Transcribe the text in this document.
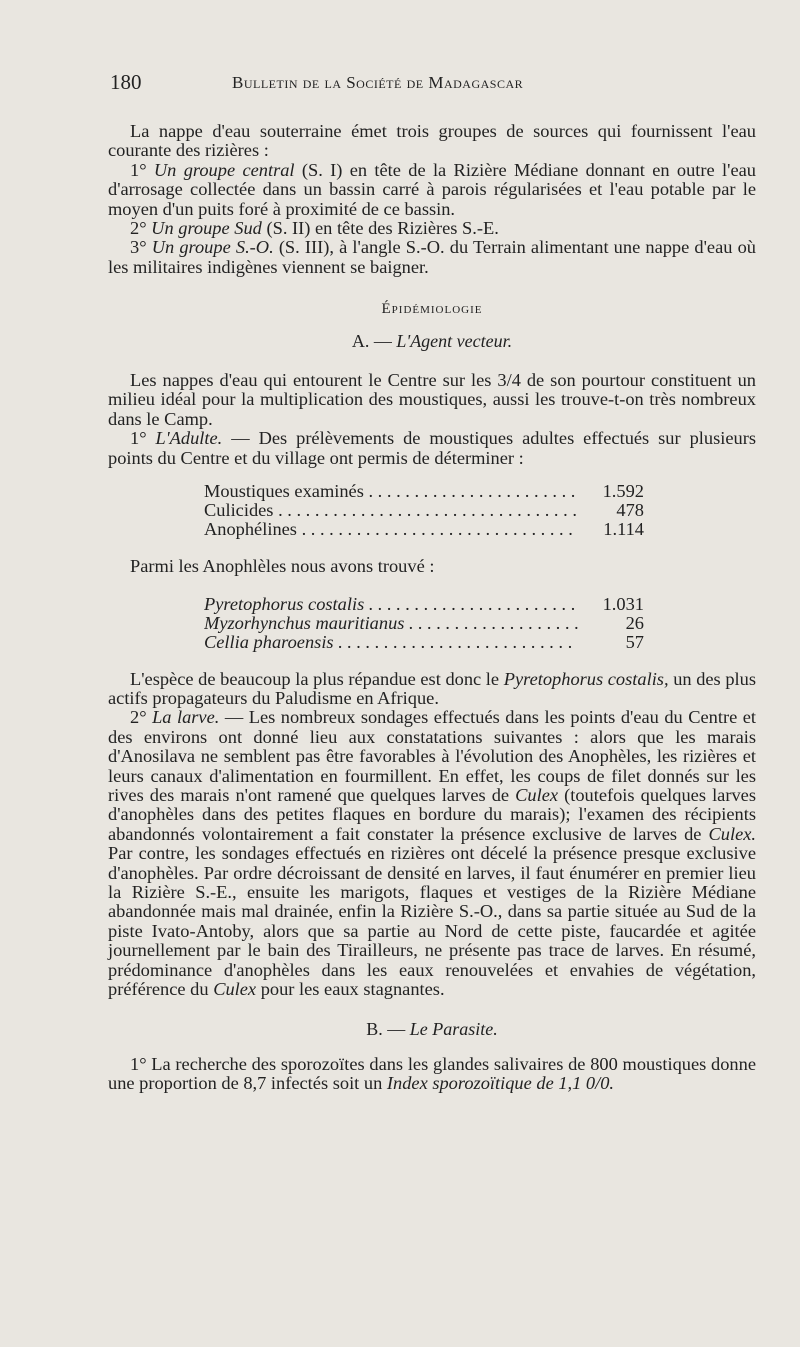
180	Bulletin de la Société de Madagascar

La nappe d'eau souterraine émet trois groupes de sources qui fournissent l'eau courante des rizières :

1° Un groupe central (S. I) en tête de la Rizière Médiane donnant en outre l'eau d'arrosage collectée dans un bassin carré à parois régularisées et l'eau potable par le moyen d'un puits foré à proximité de ce bassin.

2° Un groupe Sud (S. II) en tête des Rizières S.-E.

3° Un groupe S.-O. (S. III), à l'angle S.-O. du Terrain alimentant une nappe d'eau où les militaires indigènes viennent se baigner.

Épidémiologie
A. — L'Agent vecteur.

Les nappes d'eau qui entourent le Centre sur les 3/4 de son pourtour constituent un milieu idéal pour la multiplication des moustiques, aussi les trouve-t-on très nombreux dans le Camp.

1° L'Adulte. — Des prélèvements de moustiques adultes effectués sur plusieurs points du Centre et du village ont permis de déterminer :

Moustiques examinés . . .	1.592
Culicides . . .	478
Anophélines . . .	1.114

Parmi les Anophlèles nous avons trouvé :

Pyretophorus costalis . . .	1.031
Myzorhynchus mauritianus . . .	26
Cellia pharoensis . . .	57

L'espèce de beaucoup la plus répandue est donc le Pyretophorus costalis, un des plus actifs propagateurs du Paludisme en Afrique.

2° La larve. — Les nombreux sondages effectués dans les points d'eau du Centre et des environs ont donné lieu aux constatations suivantes : alors que les marais d'Anosilava ne semblent pas être favorables à l'évolution des Anophèles, les rizières et leurs canaux d'alimentation en fourmillent. En effet, les coups de filet donnés sur les rives des marais n'ont ramené que quelques larves de Culex (toutefois quelques larves d'anophèles dans des petites flaques en bordure du marais); l'examen des récipients abandonnés volontairement a fait constater la présence exclusive de larves de Culex. Par contre, les sondages effectués en rizières ont décelé la présence presque exclusive d'anophèles. Par ordre décroissant de densité en larves, il faut énumérer en premier lieu la Rizière S.-E., ensuite les marigots, flaques et vestiges de la Rizière Médiane abandonnée mais mal drainée, enfin la Rizière S.-O., dans sa partie située au Sud de la piste Ivato-Antoby, alors que sa partie au Nord de cette piste, faucardée et agitée journellement par le bain des Tirailleurs, ne présente pas trace de larves. En résumé, prédominance d'anophèles dans les eaux renouvelées et envahies de végétation, préférence du Culex pour les eaux stagnantes.

B. — Le Parasite.

1° La recherche des sporozoïtes dans les glandes salivaires de 800 moustiques donne une proportion de 8,7 infectés soit un Index sporozoïtique de 1,1 0/0.
